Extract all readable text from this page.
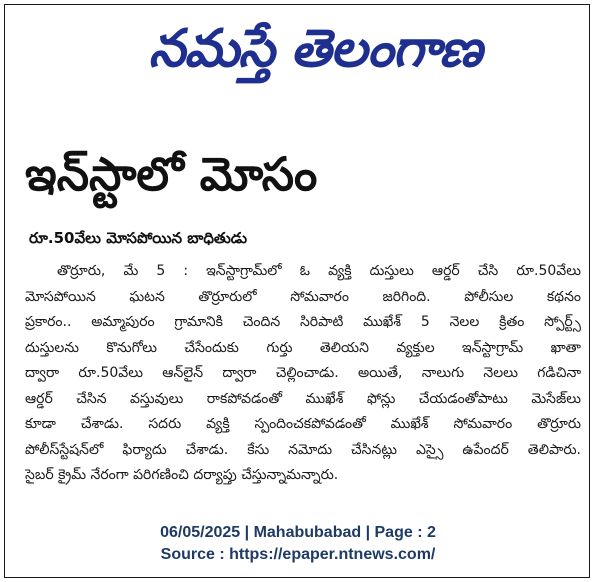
నమస్తే తెలంగాణ
ఇన్‌స్టాలో మోసం
రూ.50వేలు మోసపోయిన బాధితుడు
తొర్రూరు, మే 5 : ఇన్‌స్టాగ్రామ్‌లో ఓ వ్యక్తి దుస్తులు ఆర్డర్ చేసి రూ.50వేలు
మోసపోయిన ఘటన తొర్రూరులో సోమవారం జరిగింది. పోలీసుల కథనం
ప్రకారం.. అమ్మాపురం గ్రామానికి చెందిన సిరిపాటి ముఖేశ్ 5 నెలల క్రితం స్పోర్ట్స్
దుస్తులను కొనుగోలు చేసేందుకు గుర్తు తెలియని వ్యక్తుల ఇన్‌స్టాగ్రామ్ ఖాతా
ద్వారా రూ.50వేలు ఆన్‌లైన్ ద్వారా చెల్లించాడు. అయితే, నాలుగు నెలలు గడిచినా
ఆర్డర్ చేసిన వస్తువులు రాకపోవడంతో ముఖేశ్ ఫోన్లు చేయడంతోపాటు మెసేజ్‌లు
కూడా చేశాడు. సదరు వ్యక్తి స్పందించకపోవడంతో ముఖేశ్ సోమవారం తొర్రూరు
పోలీస్‌స్టేషన్‌లో ఫిర్యాదు చేశాడు. కేసు నమోదు చేసినట్లు ఎస్సై ఉపేందర్ తెలిపారు.
సైబర్ క్రైమ్ నేరంగా పరిగణించి దర్యాప్తు చేస్తున్నామన్నారు.
06/05/2025 | Mahabubabad | Page : 2
Source : https://epaper.ntnews.com/
